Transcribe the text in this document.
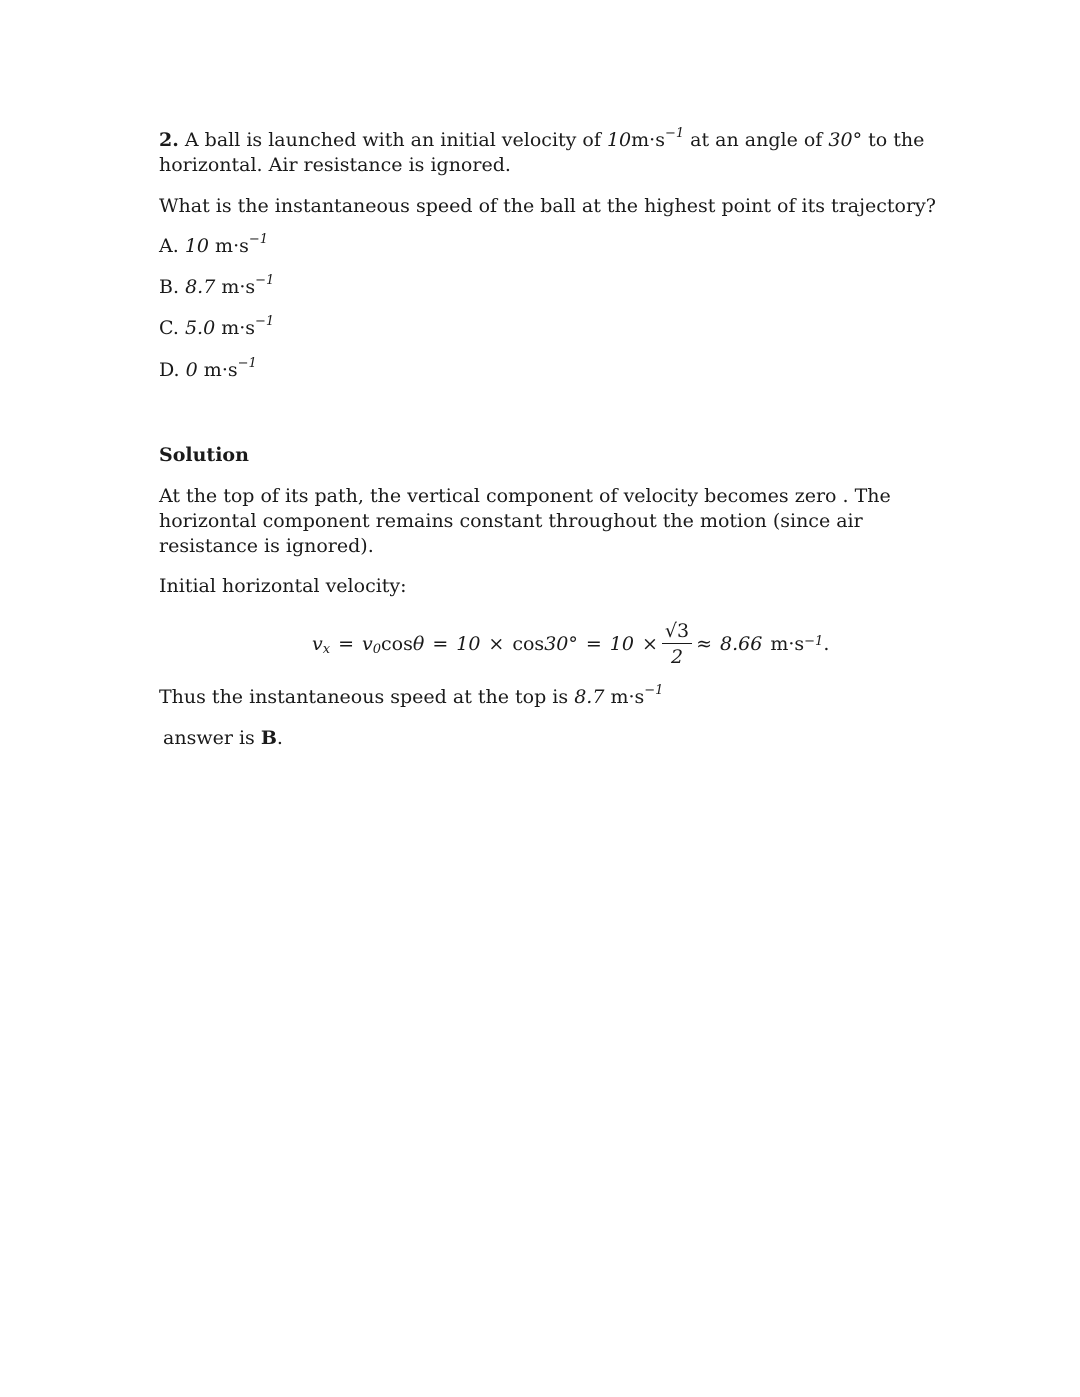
2. A ball is launched with an initial velocity of $10m\cdot s^{-1}$ at an angle of 30° to the horizontal. Air resistance is ignored.
What is the instantaneous speed of the ball at the highest point of its trajectory?
A. 10 $m\cdot s^{-1}$
B. 8.7 $m\cdot s^{-1}$
C. 5.0 $m\cdot s^{-1}$
D. 0 $m\cdot s^{-1}$
Solution
At the top of its path, the vertical component of velocity becomes zero . The horizontal component remains constant throughout the motion (since air resistance is ignored).
Initial horizontal velocity:
v x = v 0 $\cos \theta = 10 \times \cos 30^\circ = 10 \times \frac{√3}{2} \approx 8.66$ m·s $^{-1}$ .
Thus the instantaneous speed at the top is 8.7 $m\cdot s^{-1}$
answer is B.
